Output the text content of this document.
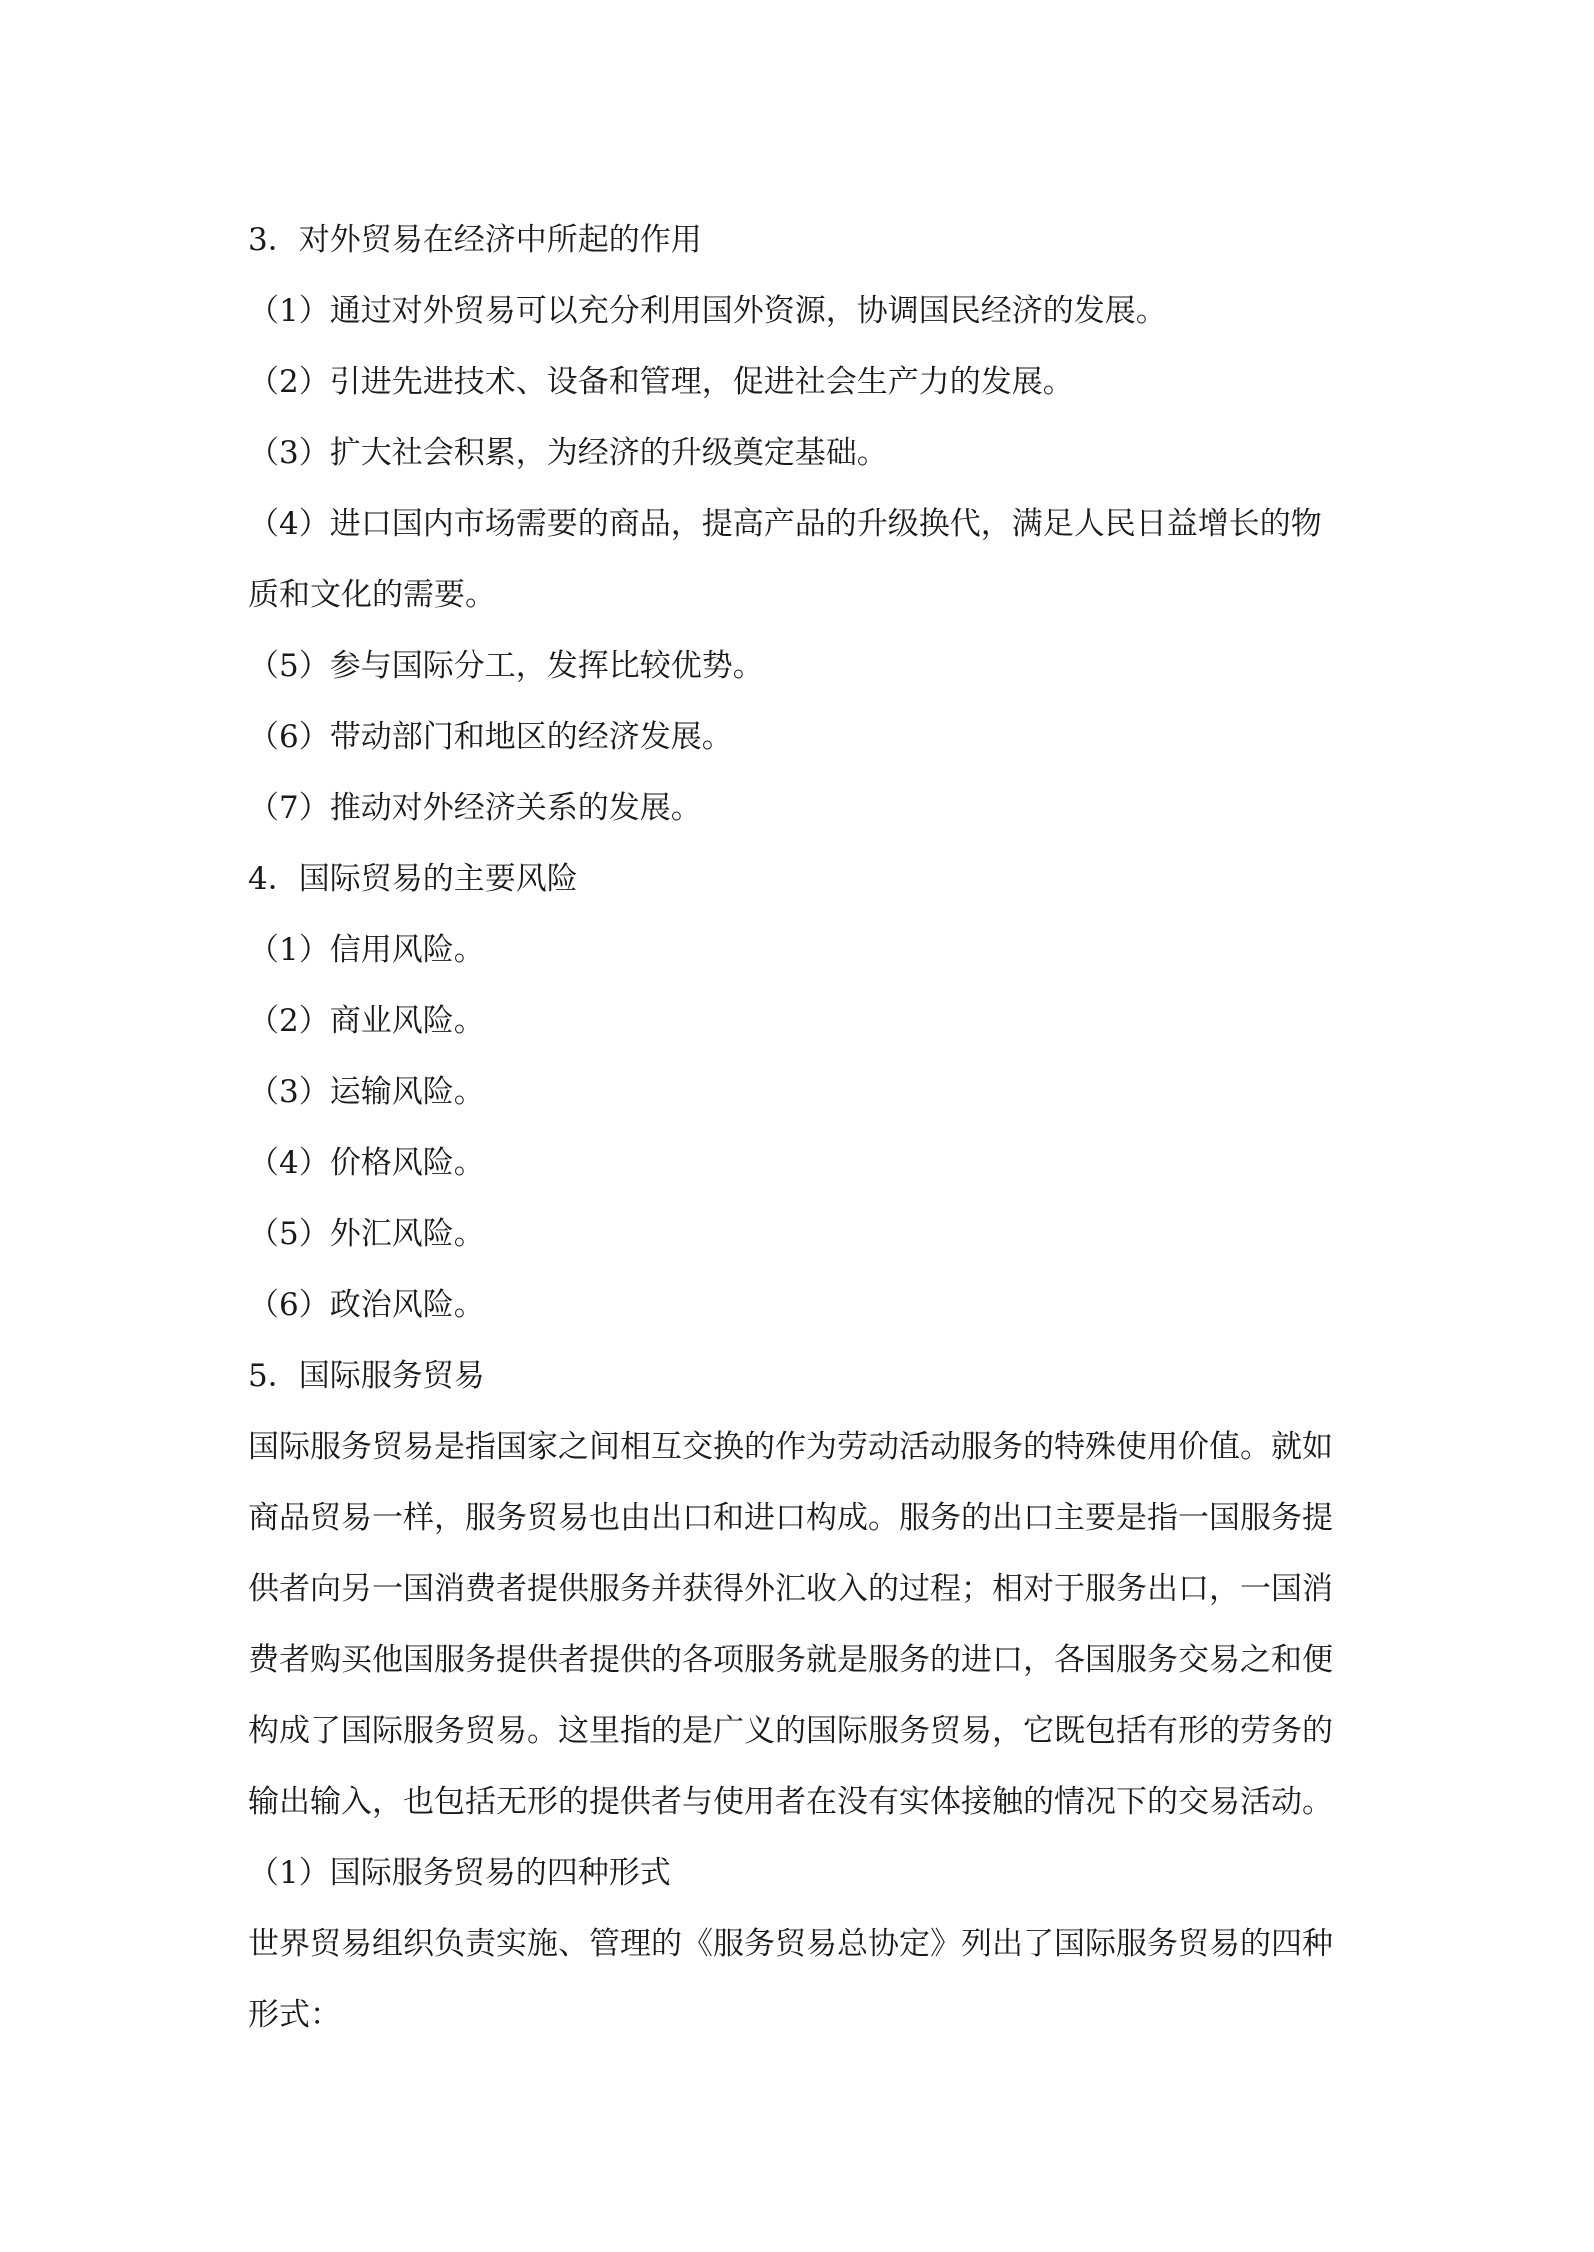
3．对外贸易在经济中所起的作用
（1）通过对外贸易可以充分利用国外资源，协调国民经济的发展。
（2）引进先进技术、设备和管理，促进社会生产力的发展。
（3）扩大社会积累，为经济的升级奠定基础。
（4）进口国内市场需要的商品，提高产品的升级换代，满足人民日益增长的物
质和文化的需要。
（5）参与国际分工，发挥比较优势。
（6）带动部门和地区的经济发展。
（7）推动对外经济关系的发展。
4．国际贸易的主要风险
（1）信用风险。
（2）商业风险。
（3）运输风险。
（4）价格风险。
（5）外汇风险。
（6）政治风险。
5．国际服务贸易
国际服务贸易是指国家之间相互交换的作为劳动活动服务的特殊使用价值。就如
商品贸易一样，服务贸易也由出口和进口构成。服务的出口主要是指一国服务提
供者向另一国消费者提供服务并获得外汇收入的过程；相对于服务出口，一国消
费者购买他国服务提供者提供的各项服务就是服务的进口，各国服务交易之和便
构成了国际服务贸易。这里指的是广义的国际服务贸易，它既包括有形的劳务的
输出输入，也包括无形的提供者与使用者在没有实体接触的情况下的交易活动。
（1）国际服务贸易的四种形式
世界贸易组织负责实施、管理的《服务贸易总协定》列出了国际服务贸易的四种
形式：
